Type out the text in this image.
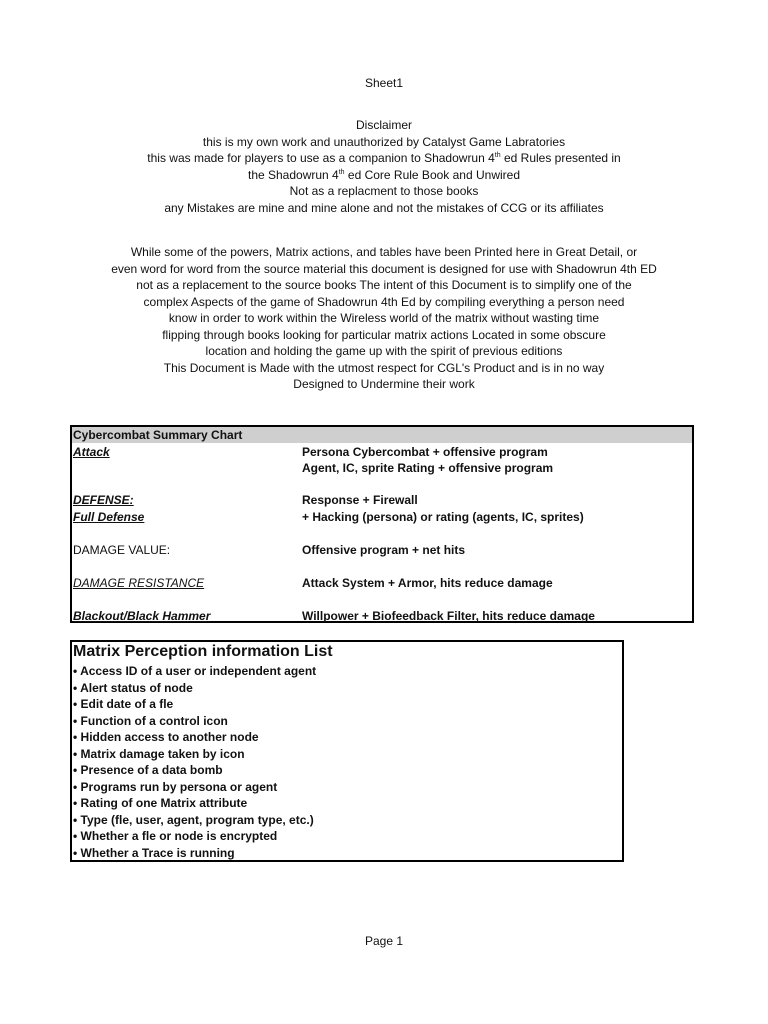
Sheet1
Disclaimer
this is my own work and unauthorized by Catalyst Game Labratories
this was made for players to use as a companion to Shadowrun 4th ed Rules presented in
the Shadowrun 4th ed Core Rule Book and Unwired
Not as a replacment to those books
any Mistakes are mine and mine alone and not the mistakes of CCG or its affiliates
While some of the powers, Matrix actions, and tables have been Printed here in Great Detail, or
even word for word from the source material this document is designed for use with Shadowrun 4th ED
not as a replacement to the source books The intent of this Document is to simplify one of the
complex Aspects of the game of Shadowrun 4th Ed by compiling everything a person need
know in order to work within the Wireless world of the matrix without wasting time
flipping through books looking for particular matrix actions Located in some obscure
location and holding the game up with the spirit of previous editions
This Document is Made with the utmost respect for CGL's Product and is in no way
Designed to Undermine their work
Cybercombat Summary Chart
Attack	Persona Cybercombat + offensive program
Agent, IC, sprite Rating + offensive program
DEFENSE:	Response + Firewall
Full Defense	+ Hacking (persona) or rating (agents, IC, sprites)
DAMAGE VALUE:	Offensive program + net hits
DAMAGE RESISTANCE	Attack System + Armor, hits reduce damage
Blackout/Black Hammer	Willpower + Biofeedback Filter, hits reduce damage
Matrix Perception information List
• Access ID of a user or independent agent
• Alert status of node
• Edit date of a fle
• Function of a control icon
• Hidden access to another node
• Matrix damage taken by icon
• Presence of a data bomb
• Programs run by persona or agent
• Rating of one Matrix attribute
• Type (fle, user, agent, program type, etc.)
• Whether a fle or node is encrypted
• Whether a Trace is running
Page 1
